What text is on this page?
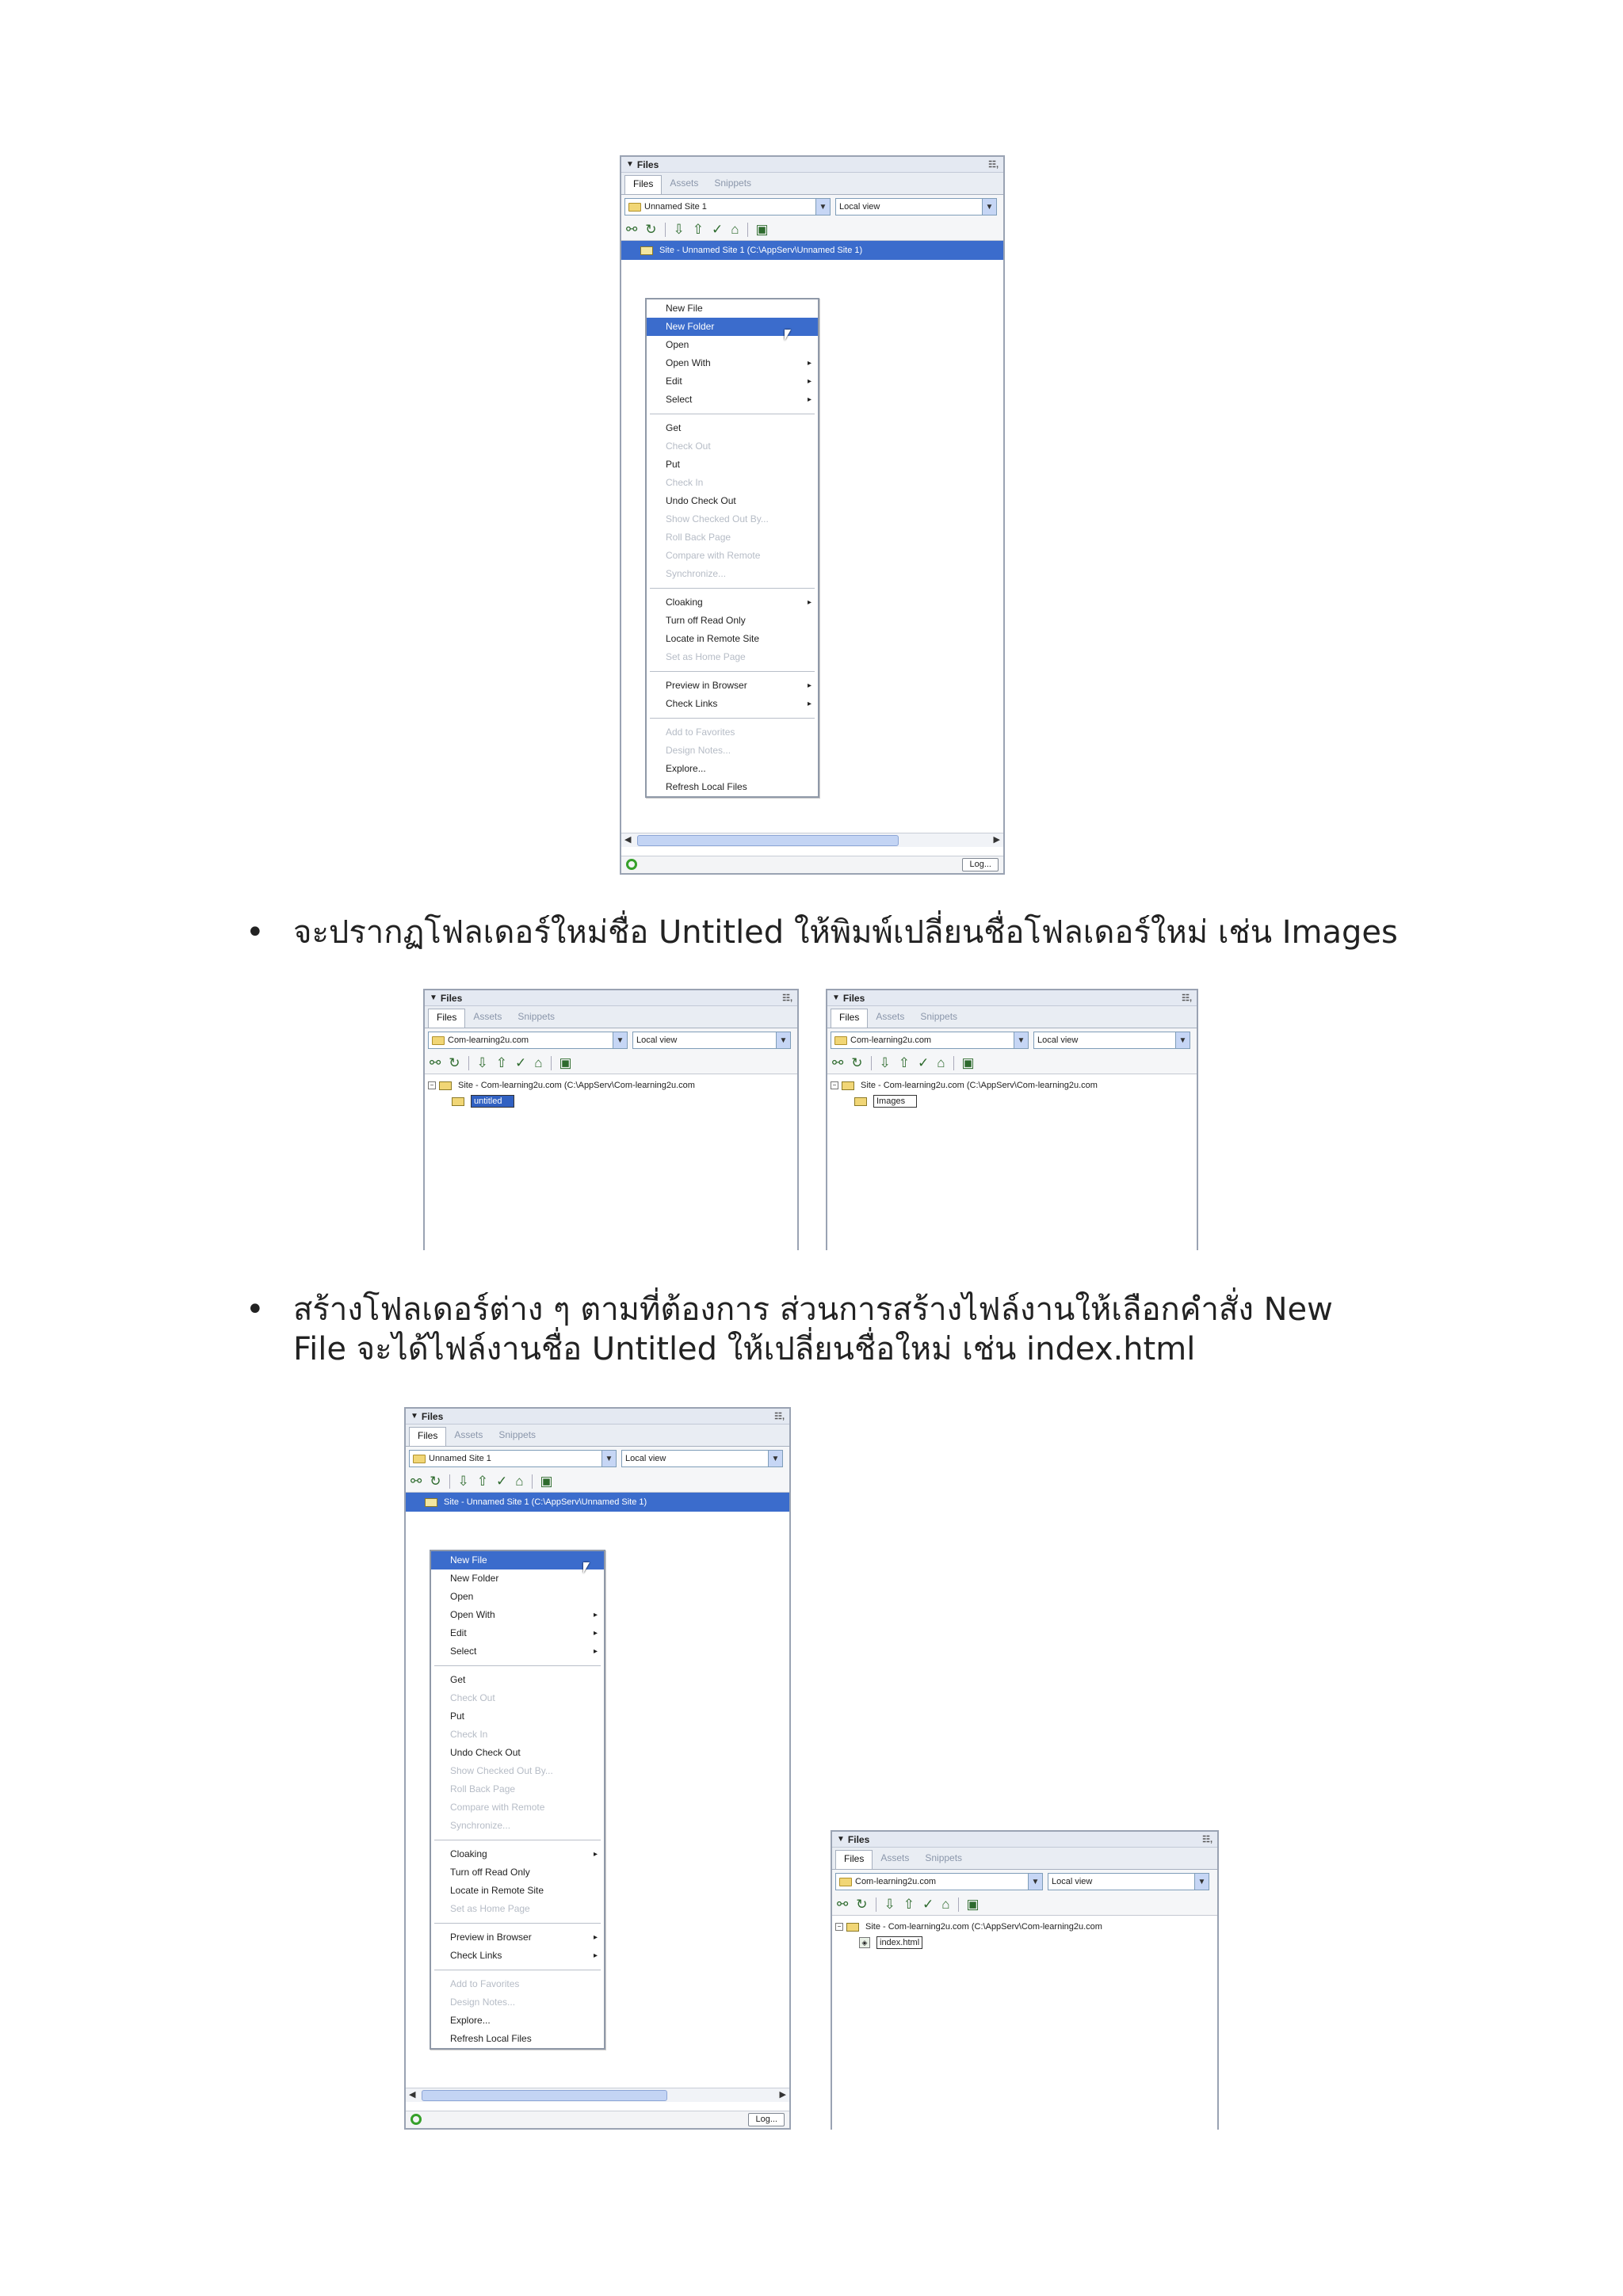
▼ Files	☷,
Files	Assets	Snippets
Unnamed Site 1	▼	Local view	▼
⚯ ↻ ⇩ ⇧ ✓ ⌂ ▣
Site - Unnamed Site 1 (C:\AppServ\Unnamed Site 1)
◀	▶
Log...
New File
New Folder
Open
Open With	▸
Edit	▸
Select	▸
Get
Check Out
Put
Check In
Undo Check Out
Show Checked Out By...
Roll Back Page
Compare with Remote
Synchronize...
Cloaking	▸
Turn off Read Only
Locate in Remote Site
Set as Home Page
Preview in Browser	▸
Check Links	▸
Add to Favorites
Design Notes...
Explore...
Refresh Local Files
• จะปรากฏโฟลเดอร์ใหม่ชื่อ Untitled ให้พิมพ์เปลี่ยนชื่อโฟลเดอร์ใหม่ เช่น Images

▼ Files	☷,
Files	Assets	Snippets
Com-learning2u.com	▼	Local view	▼
⚯ ↻ ⇩ ⇧ ✓ ⌂ ▣
−	Site - Com-learning2u.com (C:\AppServ\Com-learning2u.com
untitled
▼ Files	☷,
Files	Assets	Snippets
Com-learning2u.com	▼	Local view	▼
⚯ ↻ ⇩ ⇧ ✓ ⌂ ▣
−	Site - Com-learning2u.com (C:\AppServ\Com-learning2u.com
Images
• สร้างโฟลเดอร์ต่าง ๆ ตามที่ต้องการ ส่วนการสร้างไฟล์งานให้เลือกคำสั่ง New

File จะได้ไฟล์งานชื่อ Untitled ให้เปลี่ยนชื่อใหม่ เช่น index.html

▼ Files	☷,
Files	Assets	Snippets
Unnamed Site 1	▼	Local view	▼
⚯ ↻ ⇩ ⇧ ✓ ⌂ ▣
Site - Unnamed Site 1 (C:\AppServ\Unnamed Site 1)
◀	▶
Log...
New File
New Folder
Open
Open With	▸
Edit	▸
Select	▸
Get
Check Out
Put
Check In
Undo Check Out
Show Checked Out By...
Roll Back Page
Compare with Remote
Synchronize...
Cloaking	▸
Turn off Read Only
Locate in Remote Site
Set as Home Page
Preview in Browser	▸
Check Links	▸
Add to Favorites
Design Notes...
Explore...
Refresh Local Files
▼ Files	☷,
Files	Assets	Snippets
Com-learning2u.com	▼	Local view	▼
⚯ ↻ ⇩ ⇧ ✓ ⌂ ▣
−	Site - Com-learning2u.com (C:\AppServ\Com-learning2u.com
◈	index.html
